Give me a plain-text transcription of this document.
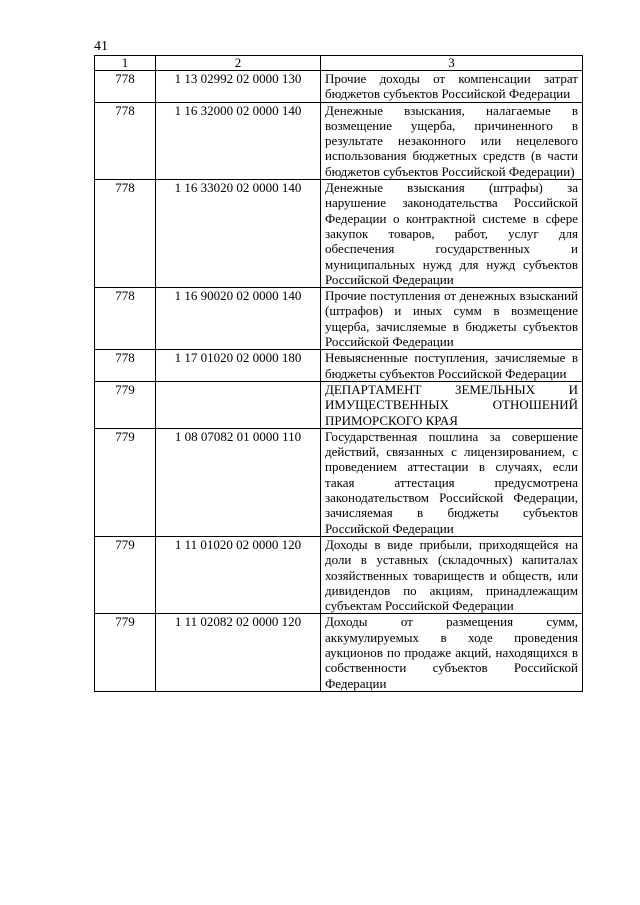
41
1	2	3
778	1 13 02992 02 0000 130	Прочие доходы от компенсации затрат бюджетов субъектов Российской Федерации
778	1 16 32000 02 0000 140	Денежные взыскания, налагаемые в возмещение ущерба, причиненного в результате незаконного или нецелевого использования бюджетных средств (в части бюджетов субъектов Российской Федерации)
778	1 16 33020 02 0000 140	Денежные взыскания (штрафы) за нарушение законодательства Российской Федерации о контрактной системе в сфере закупок товаров, работ, услуг для обеспечения государственных и муниципальных нужд для нужд субъектов Российской Федерации
778	1 16 90020 02 0000 140	Прочие поступления от денежных взысканий (штрафов) и иных сумм в возмещение ущерба, зачисляемые в бюджеты субъектов Российской Федерации
778	1 17 01020 02 0000 180	Невыясненные поступления, зачисляемые в бюджеты субъектов Российской Федерации
779		ДЕПАРТАМЕНТ ЗЕМЕЛЬНЫХ И ИМУЩЕСТВЕННЫХ ОТНОШЕНИЙ ПРИМОРСКОГО КРАЯ
779	1 08 07082 01 0000 110	Государственная пошлина за совершение действий, связанных с лицензированием, с проведением аттестации в случаях, если такая аттестация предусмотрена законодательством Российской Федерации, зачисляемая в бюджеты субъектов Российской Федерации
779	1 11 01020 02 0000 120	Доходы в виде прибыли, приходящейся на доли в уставных (складочных) капиталах хозяйственных товариществ и обществ, или дивидендов по акциям, принадлежащим субъектам Российской Федерации
779	1 11 02082 02 0000 120	Доходы от размещения сумм, аккумулируемых в ходе проведения аукционов по продаже акций, находящихся в собственности субъектов Российской Федерации
